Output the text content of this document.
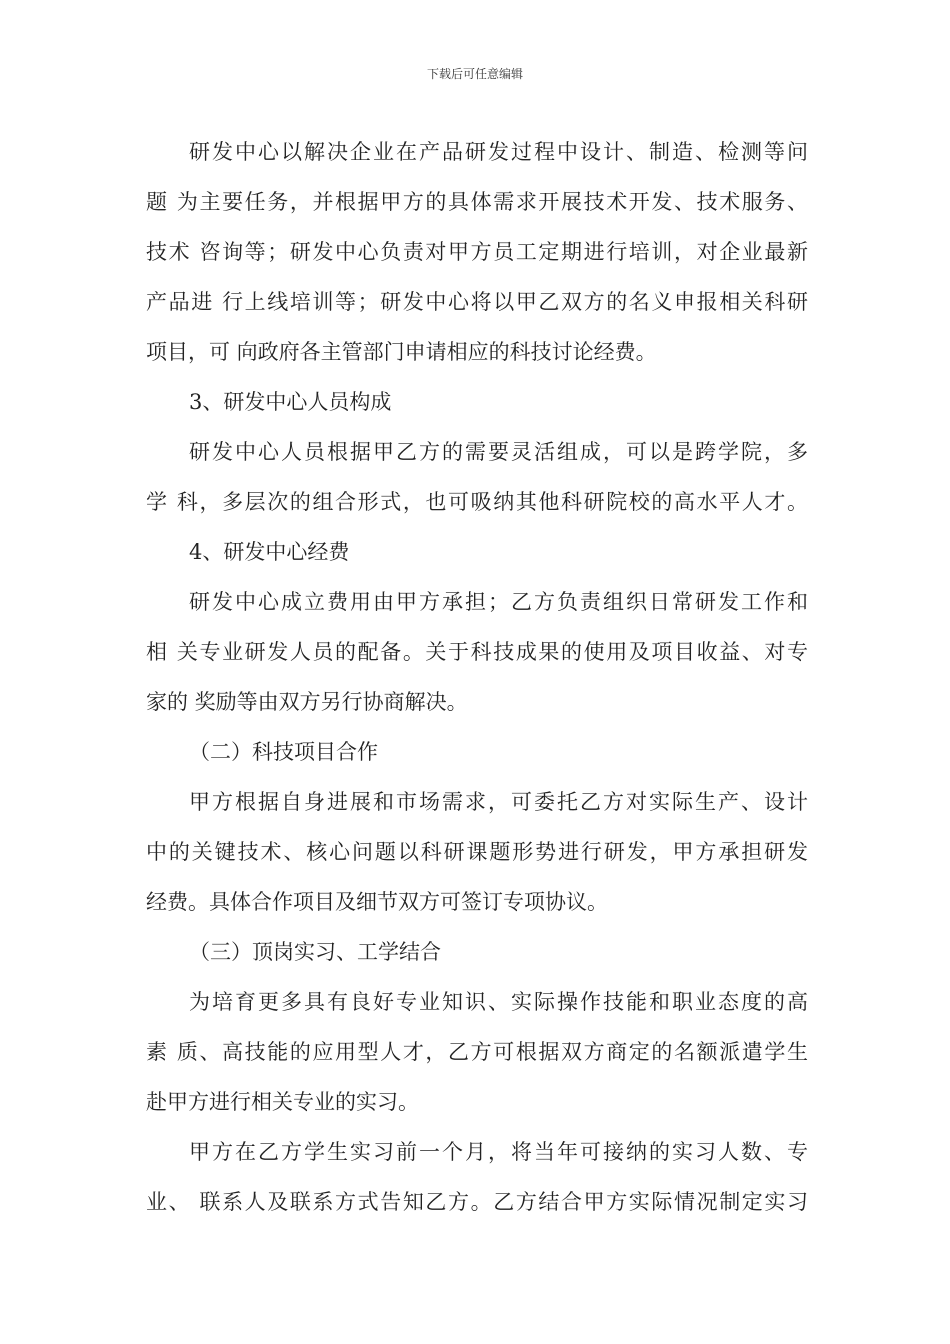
下载后可任意编辑
研发中心以解决企业在产品研发过程中设计、制造、检测等问
题 为主要任务，并根据甲方的具体需求开展技术开发、技术服务、
技术 咨询等；研发中心负责对甲方员工定期进行培训，对企业最新
产品进 行上线培训等；研发中心将以甲乙双方的名义申报相关科研
项目，可 向政府各主管部门申请相应的科技讨论经费。
3、研发中心人员构成
研发中心人员根据甲乙方的需要灵活组成，可以是跨学院，多
学 科，多层次的组合形式，也可吸纳其他科研院校的高水平人才。
4、研发中心经费
研发中心成立费用由甲方承担；乙方负责组织日常研发工作和
相 关专业研发人员的配备。关于科技成果的使用及项目收益、对专
家的 奖励等由双方另行协商解决。
（二）科技项目合作
甲方根据自身进展和市场需求，可委托乙方对实际生产、设计
中的关键技术、核心问题以科研课题形势进行研发，甲方承担研发
经费。具体合作项目及细节双方可签订专项协议。
（三）顶岗实习、工学结合
为培育更多具有良好专业知识、实际操作技能和职业态度的高
素 质、高技能的应用型人才，乙方可根据双方商定的名额派遣学生
赴甲方进行相关专业的实习。
甲方在乙方学生实习前一个月，将当年可接纳的实习人数、专
业、 联系人及联系方式告知乙方。乙方结合甲方实际情况制定实习
